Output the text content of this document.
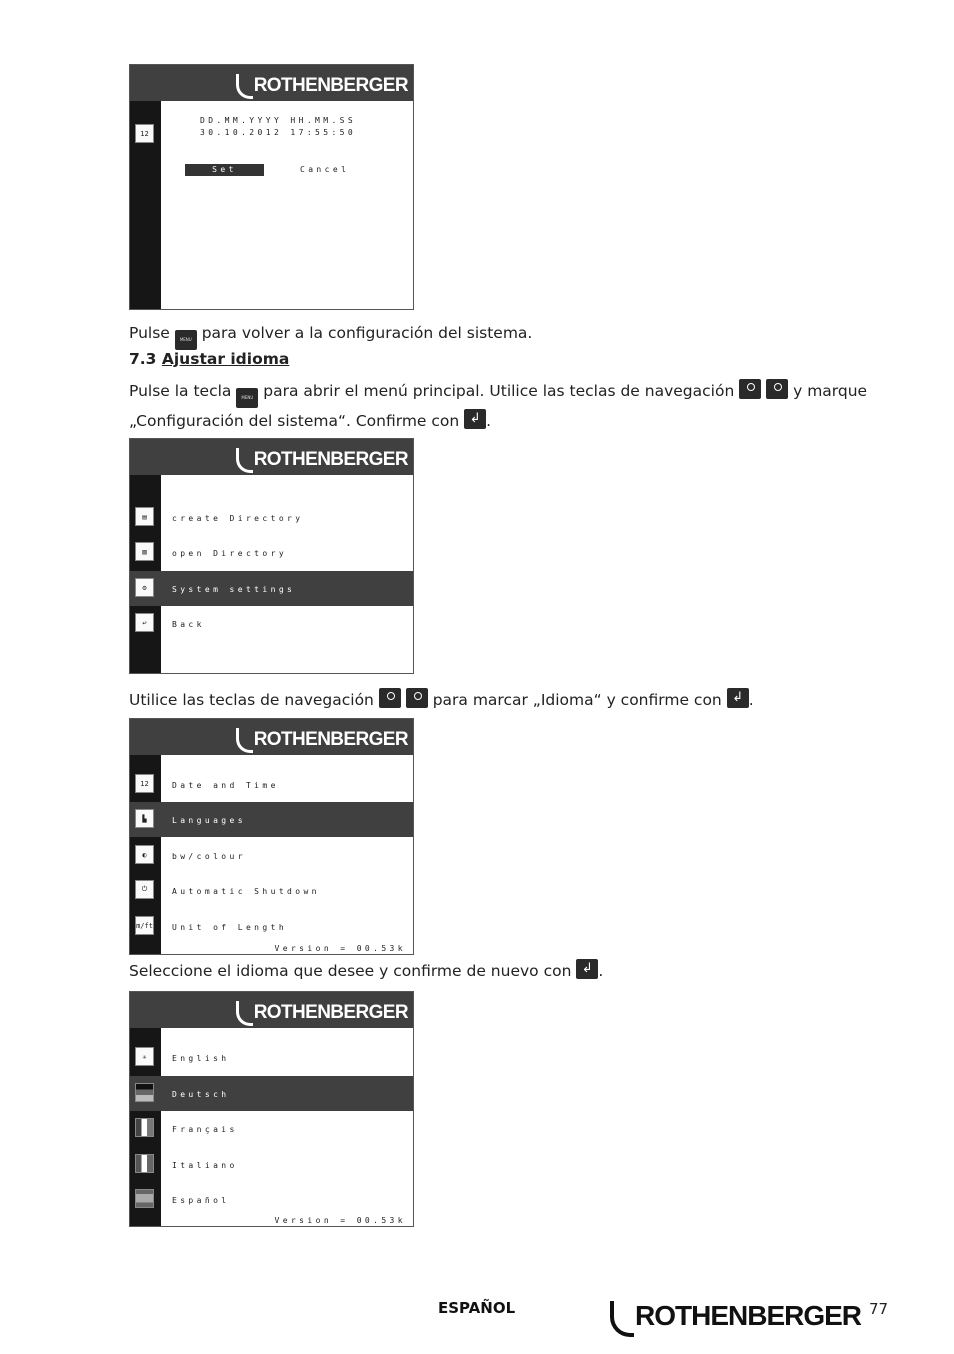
ROTHENBERGER
12
DD.MM.YYYY HH.MM.SS
30.10.2012 17:55:50
Set	Cancel
Pulse MENU para volver a la configuración del sistema.
7.3 Ajustar idioma
Pulse la tecla MENU para abrir el menú principal. Utilice las teclas de navegación	y marque
„Configuración del sistema“. Confirme con ↲ .
ROTHENBERGER
▤
▧
⚙
↩
create Directory
open Directory
System settings
Back
Utilice las teclas de navegación	para marcar „Idioma“ y confirme con ↲ .
ROTHENBERGER
12
▙
◐
⏻
m/ft
Date and Time
Languages
bw/colour
Automatic Shutdown
Unit of Length
Version = 00.53k
Seleccione el idioma que desee y confirme de nuevo con ↲ .
ROTHENBERGER
✳	English
Deutsch
Français
Italiano
Español
Version = 00.53k
ESPAÑOL	ROTHENBERGER 77
